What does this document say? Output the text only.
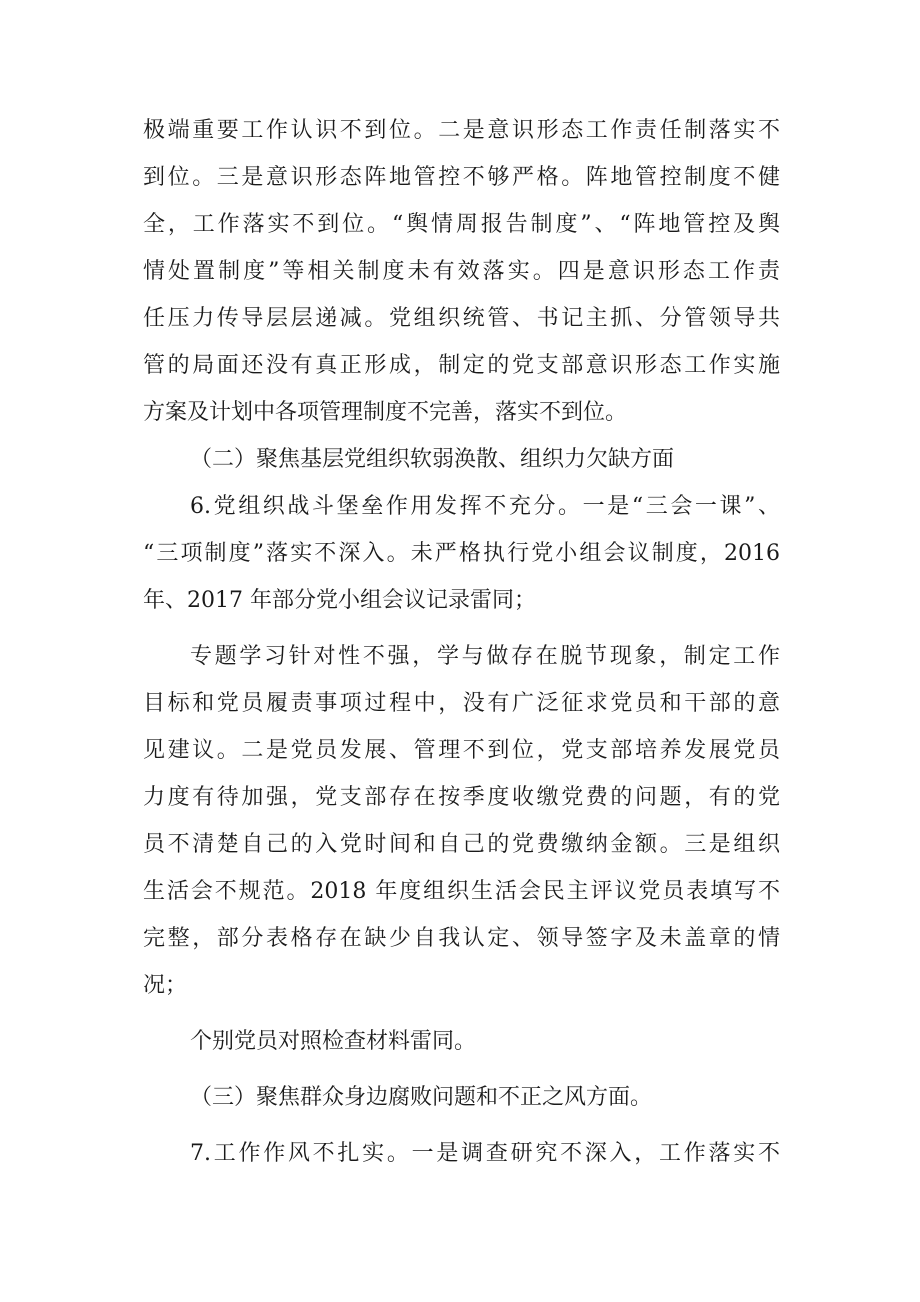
极端重要工作认识不到位。二是意识形态工作责任制落实不
到位。三是意识形态阵地管控不够严格。阵地管控制度不健
全，工作落实不到位。“舆情周报告制度”、“阵地管控及舆
情处置制度”等相关制度未有效落实。四是意识形态工作责
任压力传导层层递减。党组织统管、书记主抓、分管领导共
管的局面还没有真正形成，制定的党支部意识形态工作实施
方案及计划中各项管理制度不完善，落实不到位。
（二）聚焦基层党组织软弱涣散、组织力欠缺方面
6.党组织战斗堡垒作用发挥不充分。一是“三会一课”、
“三项制度”落实不深入。未严格执行党小组会议制度，2016
年、2017 年部分党小组会议记录雷同；
专题学习针对性不强，学与做存在脱节现象，制定工作
目标和党员履责事项过程中，没有广泛征求党员和干部的意
见建议。二是党员发展、管理不到位，党支部培养发展党员
力度有待加强，党支部存在按季度收缴党费的问题，有的党
员不清楚自己的入党时间和自己的党费缴纳金额。三是组织
生活会不规范。2018 年度组织生活会民主评议党员表填写不
完整，部分表格存在缺少自我认定、领导签字及未盖章的情
况；
个别党员对照检查材料雷同。
（三）聚焦群众身边腐败问题和不正之风方面。
7.工作作风不扎实。一是调查研究不深入，工作落实不
